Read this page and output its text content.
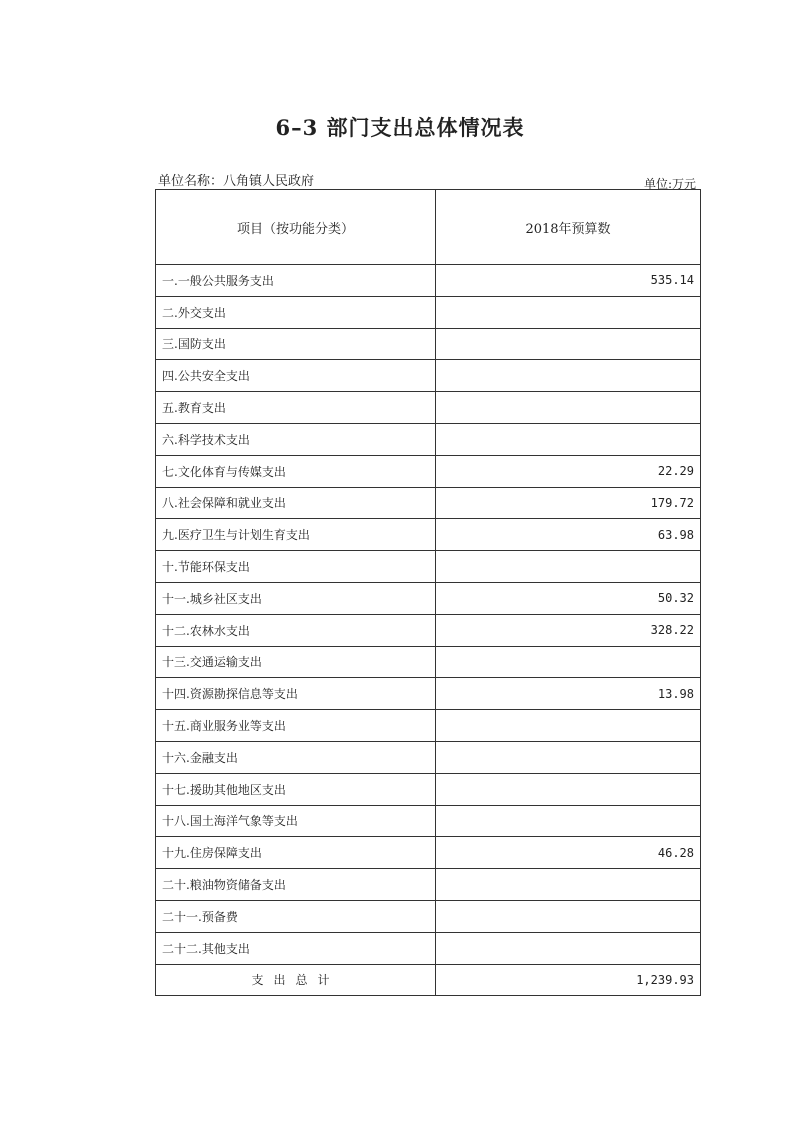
6–3 部门支出总体情况表
单位名称：八角镇人民政府	单位:万元
项目（按功能分类）	2018年预算数
一.一般公共服务支出	535.14
二.外交支出	
三.国防支出	
四.公共安全支出	
五.教育支出	
六.科学技术支出	
七.文化体育与传媒支出	22.29
八.社会保障和就业支出	179.72
九.医疗卫生与计划生育支出	63.98
十.节能环保支出	
十一.城乡社区支出	50.32
十二.农林水支出	328.22
十三.交通运输支出	
十四.资源勘探信息等支出	13.98
十五.商业服务业等支出	
十六.金融支出	
十七.援助其他地区支出	
十八.国土海洋气象等支出	
十九.住房保障支出	46.28
二十.粮油物资储备支出	
二十一.预备费	
二十二.其他支出	
支出总计	1,239.93
